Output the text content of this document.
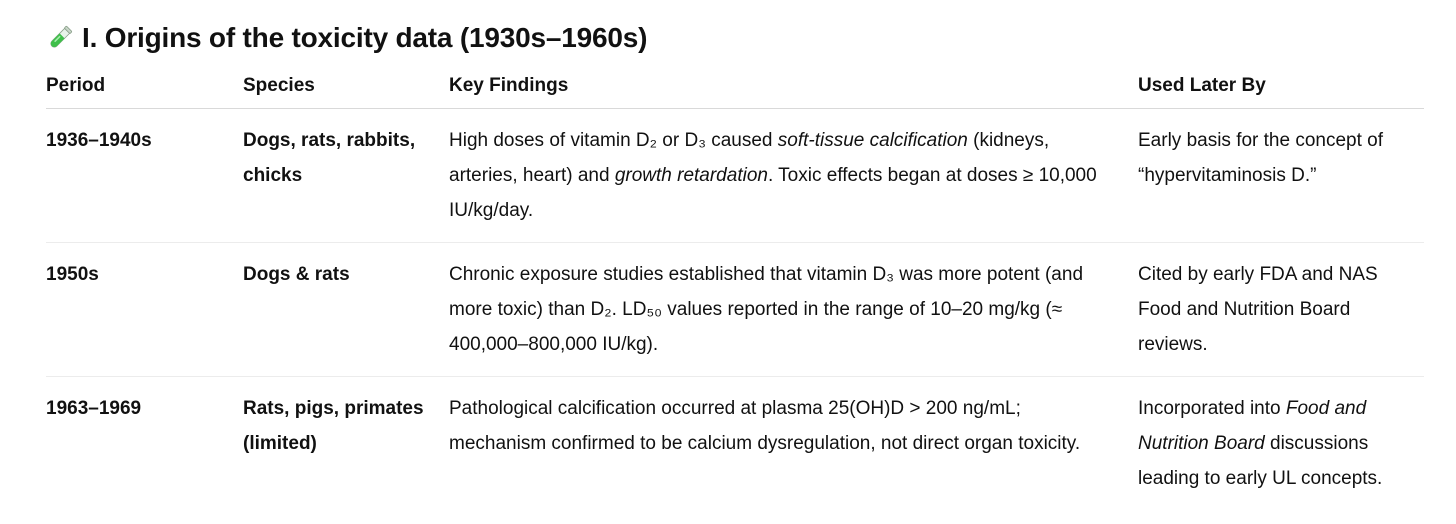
I. Origins of the toxicity data (1930s–1960s)
Period	Species	Key Findings	Used Later By
1936–1940s	Dogs, rats, rabbits, chicks	High doses of vitamin D₂ or D₃ caused soft-tissue calcification (kidneys, arteries, heart) and growth retardation. Toxic effects began at doses ≥ 10,000 IU/kg/day.	Early basis for the concept of “hypervitaminosis D.”
1950s	Dogs & rats	Chronic exposure studies established that vitamin D₃ was more potent (and more toxic) than D₂. LD₅₀ values reported in the range of 10–20 mg/kg (≈ 400,000–800,000 IU/kg).	Cited by early FDA and NAS Food and Nutrition Board reviews.
1963–1969	Rats, pigs, primates (limited)	Pathological calcification occurred at plasma 25(OH)D > 200 ng/mL; mechanism confirmed to be calcium dysregulation, not direct organ toxicity.	Incorporated into Food and Nutrition Board discussions leading to early UL concepts.
